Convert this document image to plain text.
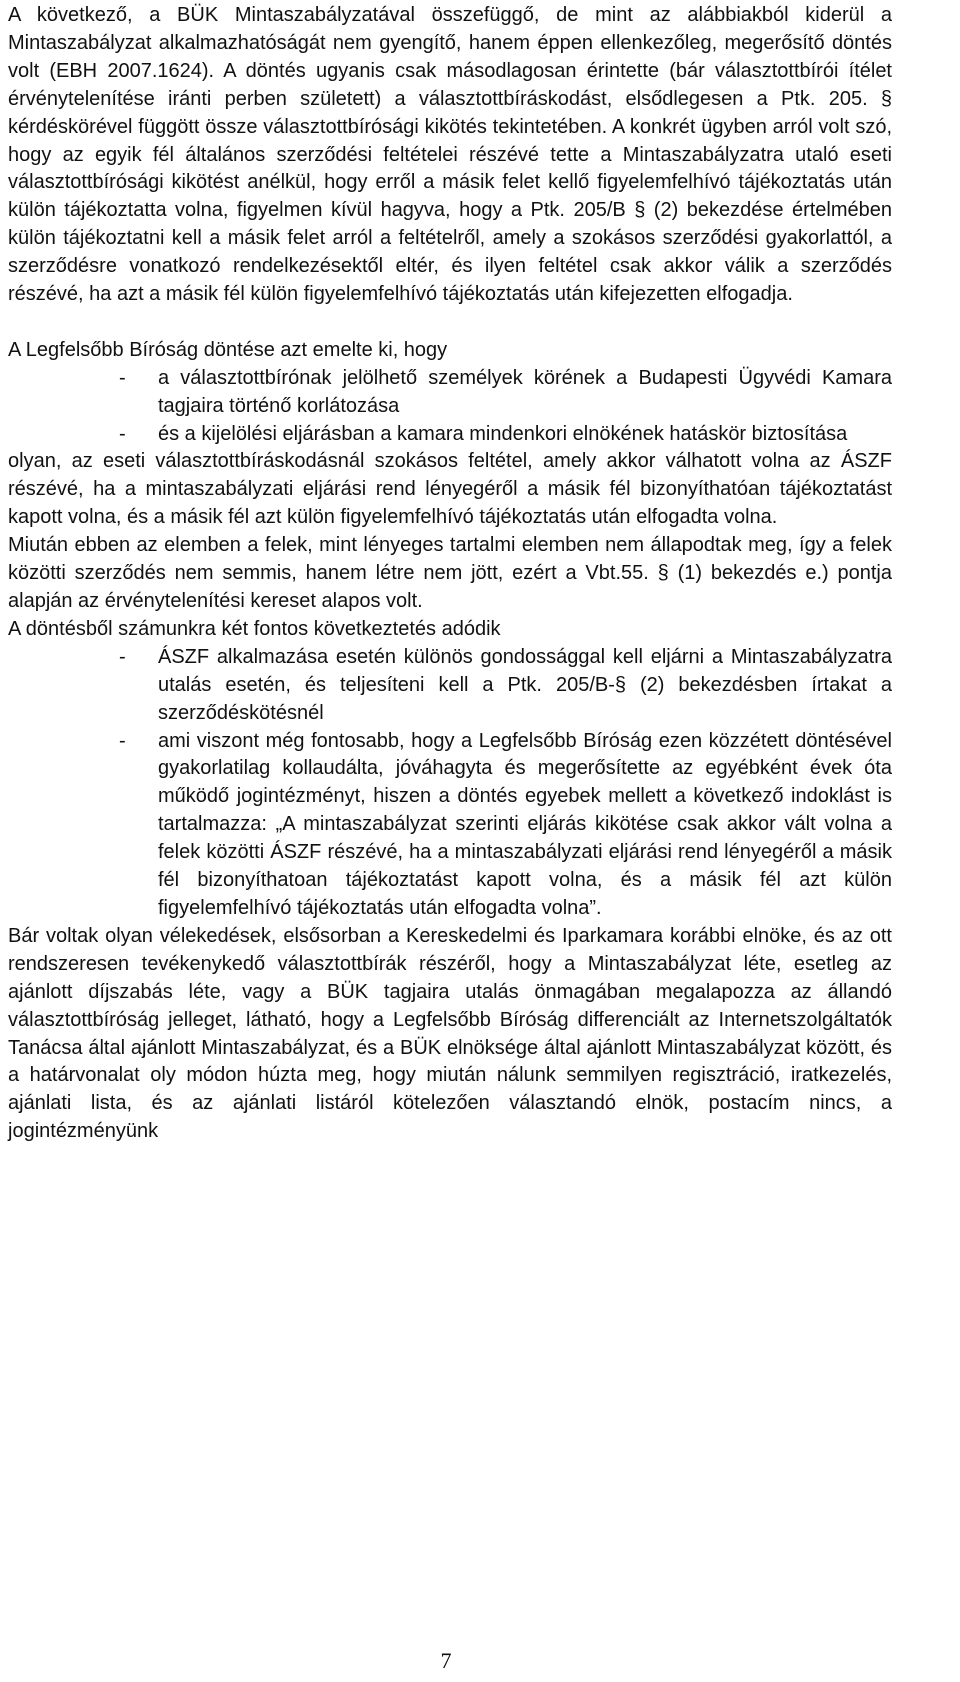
A következő, a BÜK Mintaszabályzatával összefüggő, de mint az alábbiakból kiderül a Mintaszabályzat alkalmazhatóságát nem gyengítő, hanem éppen ellenkezőleg, megerősítő döntés volt (EBH 2007.1624). A döntés ugyanis csak másodlagosan érintette (bár választottbírói ítélet érvénytelenítése iránti perben született) a választottbíráskodást, elsődlegesen a Ptk. 205. § kérdéskörével függött össze választottbírósági kikötés tekintetében. A konkrét ügyben arról volt szó, hogy az egyik fél általános szerződési feltételei részévé tette a Mintaszabályzatra utaló eseti választottbírósági kikötést anélkül, hogy erről a másik felet kellő figyelemfelhívó tájékoztatás után külön tájékoztatta volna, figyelmen kívül hagyva, hogy a Ptk. 205/B § (2) bekezdése értelmében külön tájékoztatni kell a másik felet arról a feltételről, amely a szokásos szerződési gyakorlattól, a szerződésre vonatkozó rendelkezésektől eltér, és ilyen feltétel csak akkor válik a szerződés részévé, ha azt a másik fél külön figyelemfelhívó tájékoztatás után kifejezetten elfogadja.

A Legfelsőbb Bíróság döntése azt emelte ki, hogy

- a választottbírónak jelölhető személyek körének a Budapesti Ügyvédi Kamara tagjaira történő korlátozása
- és a kijelölési eljárásban a kamara mindenkori elnökének hatáskör biztosítása

olyan, az eseti választottbíráskodásnál szokásos feltétel, amely akkor válhatott volna az ÁSZF részévé, ha a mintaszabályzati eljárási rend lényegéről a másik fél bizonyíthatóan tájékoztatást kapott volna, és a másik fél azt külön figyelemfelhívó tájékoztatás után elfogadta volna.

Miután ebben az elemben a felek, mint lényeges tartalmi elemben nem állapodtak meg, így a felek közötti szerződés nem semmis, hanem létre nem jött, ezért a Vbt.55. § (1) bekezdés e.) pontja alapján az érvénytelenítési kereset alapos volt.

A döntésből számunkra két fontos következtetés adódik

- ÁSZF alkalmazása esetén különös gondossággal kell eljárni a Mintaszabályzatra utalás esetén, és teljesíteni kell a Ptk. 205/B-§ (2) bekezdésben írtakat a szerződéskötésnél
- ami viszont még fontosabb, hogy a Legfelsőbb Bíróság ezen közzétett döntésével gyakorlatilag kollaudálta, jóváhagyta és megerősítette az egyébként évek óta működő jogintézményt, hiszen a döntés egyebek mellett a következő indoklást is tartalmazza: „A mintaszabályzat szerinti eljárás kikötése csak akkor vált volna a felek közötti ÁSZF részévé, ha a mintaszabályzati eljárási rend lényegéről a másik fél bizonyíthatoan tájékoztatást kapott volna, és a másik fél azt külön figyelemfelhívó tájékoztatás után elfogadta volna”.

Bár voltak olyan vélekedések, elsősorban a Kereskedelmi és Iparkamara korábbi elnöke, és az ott rendszeresen tevékenykedő választottbírák részéről, hogy a Mintaszabályzat léte, esetleg az ajánlott díjszabás léte, vagy a BÜK tagjaira utalás önmagában megalapozza az állandó választottbíróság jelleget, látható, hogy a Legfelsőbb Bíróság differenciált az Internetszolgáltatók Tanácsa által ajánlott Mintaszabályzat, és a BÜK elnöksége által ajánlott Mintaszabályzat között, és a határvonalat oly módon húzta meg, hogy miután nálunk semmilyen regisztráció, iratkezelés, ajánlati lista, és az ajánlati listáról kötelezően választandó elnök, postacím nincs, a jogintézményünk

7
